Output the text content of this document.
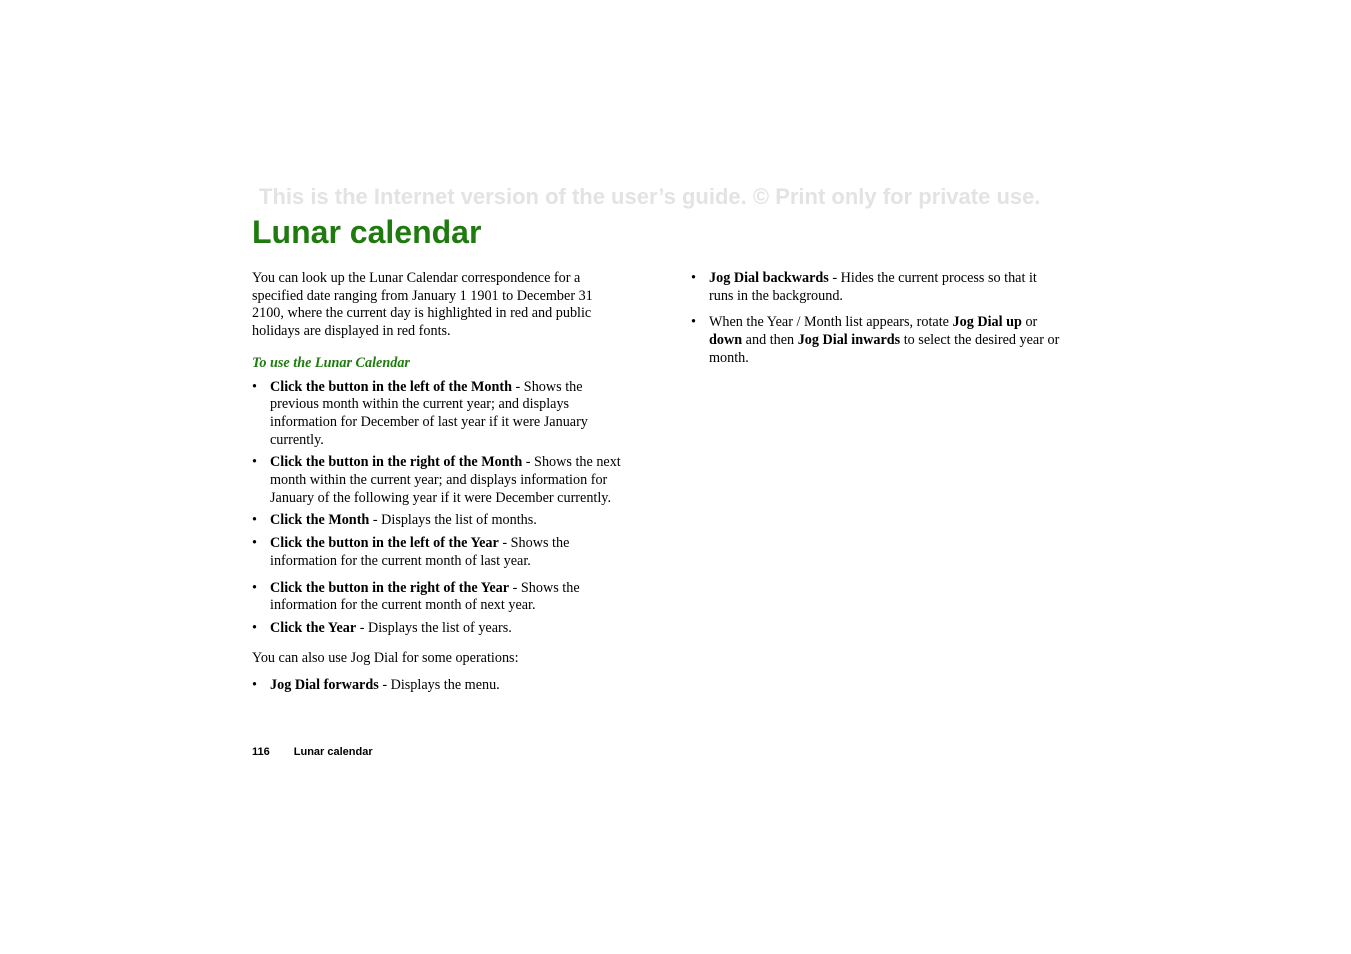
This is the Internet version of the user’s guide. © Print only for private use.
Lunar calendar

You can look up the Lunar Calendar correspondence for a specified date ranging from January 1 1901 to December 31 2100, where the current day is highlighted in red and public holidays are displayed in red fonts.

To use the Lunar Calendar

• Click the button in the left of the Month - Shows the previous month within the current year; and displays information for December of last year if it were January currently.
• Click the button in the right of the Month - Shows the next month within the current year; and displays information for January of the following year if it were December currently.
• Click the Month - Displays the list of months.
• Click the button in the left of the Year - Shows the information for the current month of last year.
• Click the button in the right of the Year - Shows the information for the current month of next year.
• Click the Year - Displays the list of years.

You can also use Jog Dial for some operations:

• Jog Dial forwards - Displays the menu.
• Jog Dial backwards - Hides the current process so that it runs in the background.
• When the Year / Month list appears, rotate Jog Dial up or down and then Jog Dial inwards to select the desired year or month.
116 Lunar calendar
